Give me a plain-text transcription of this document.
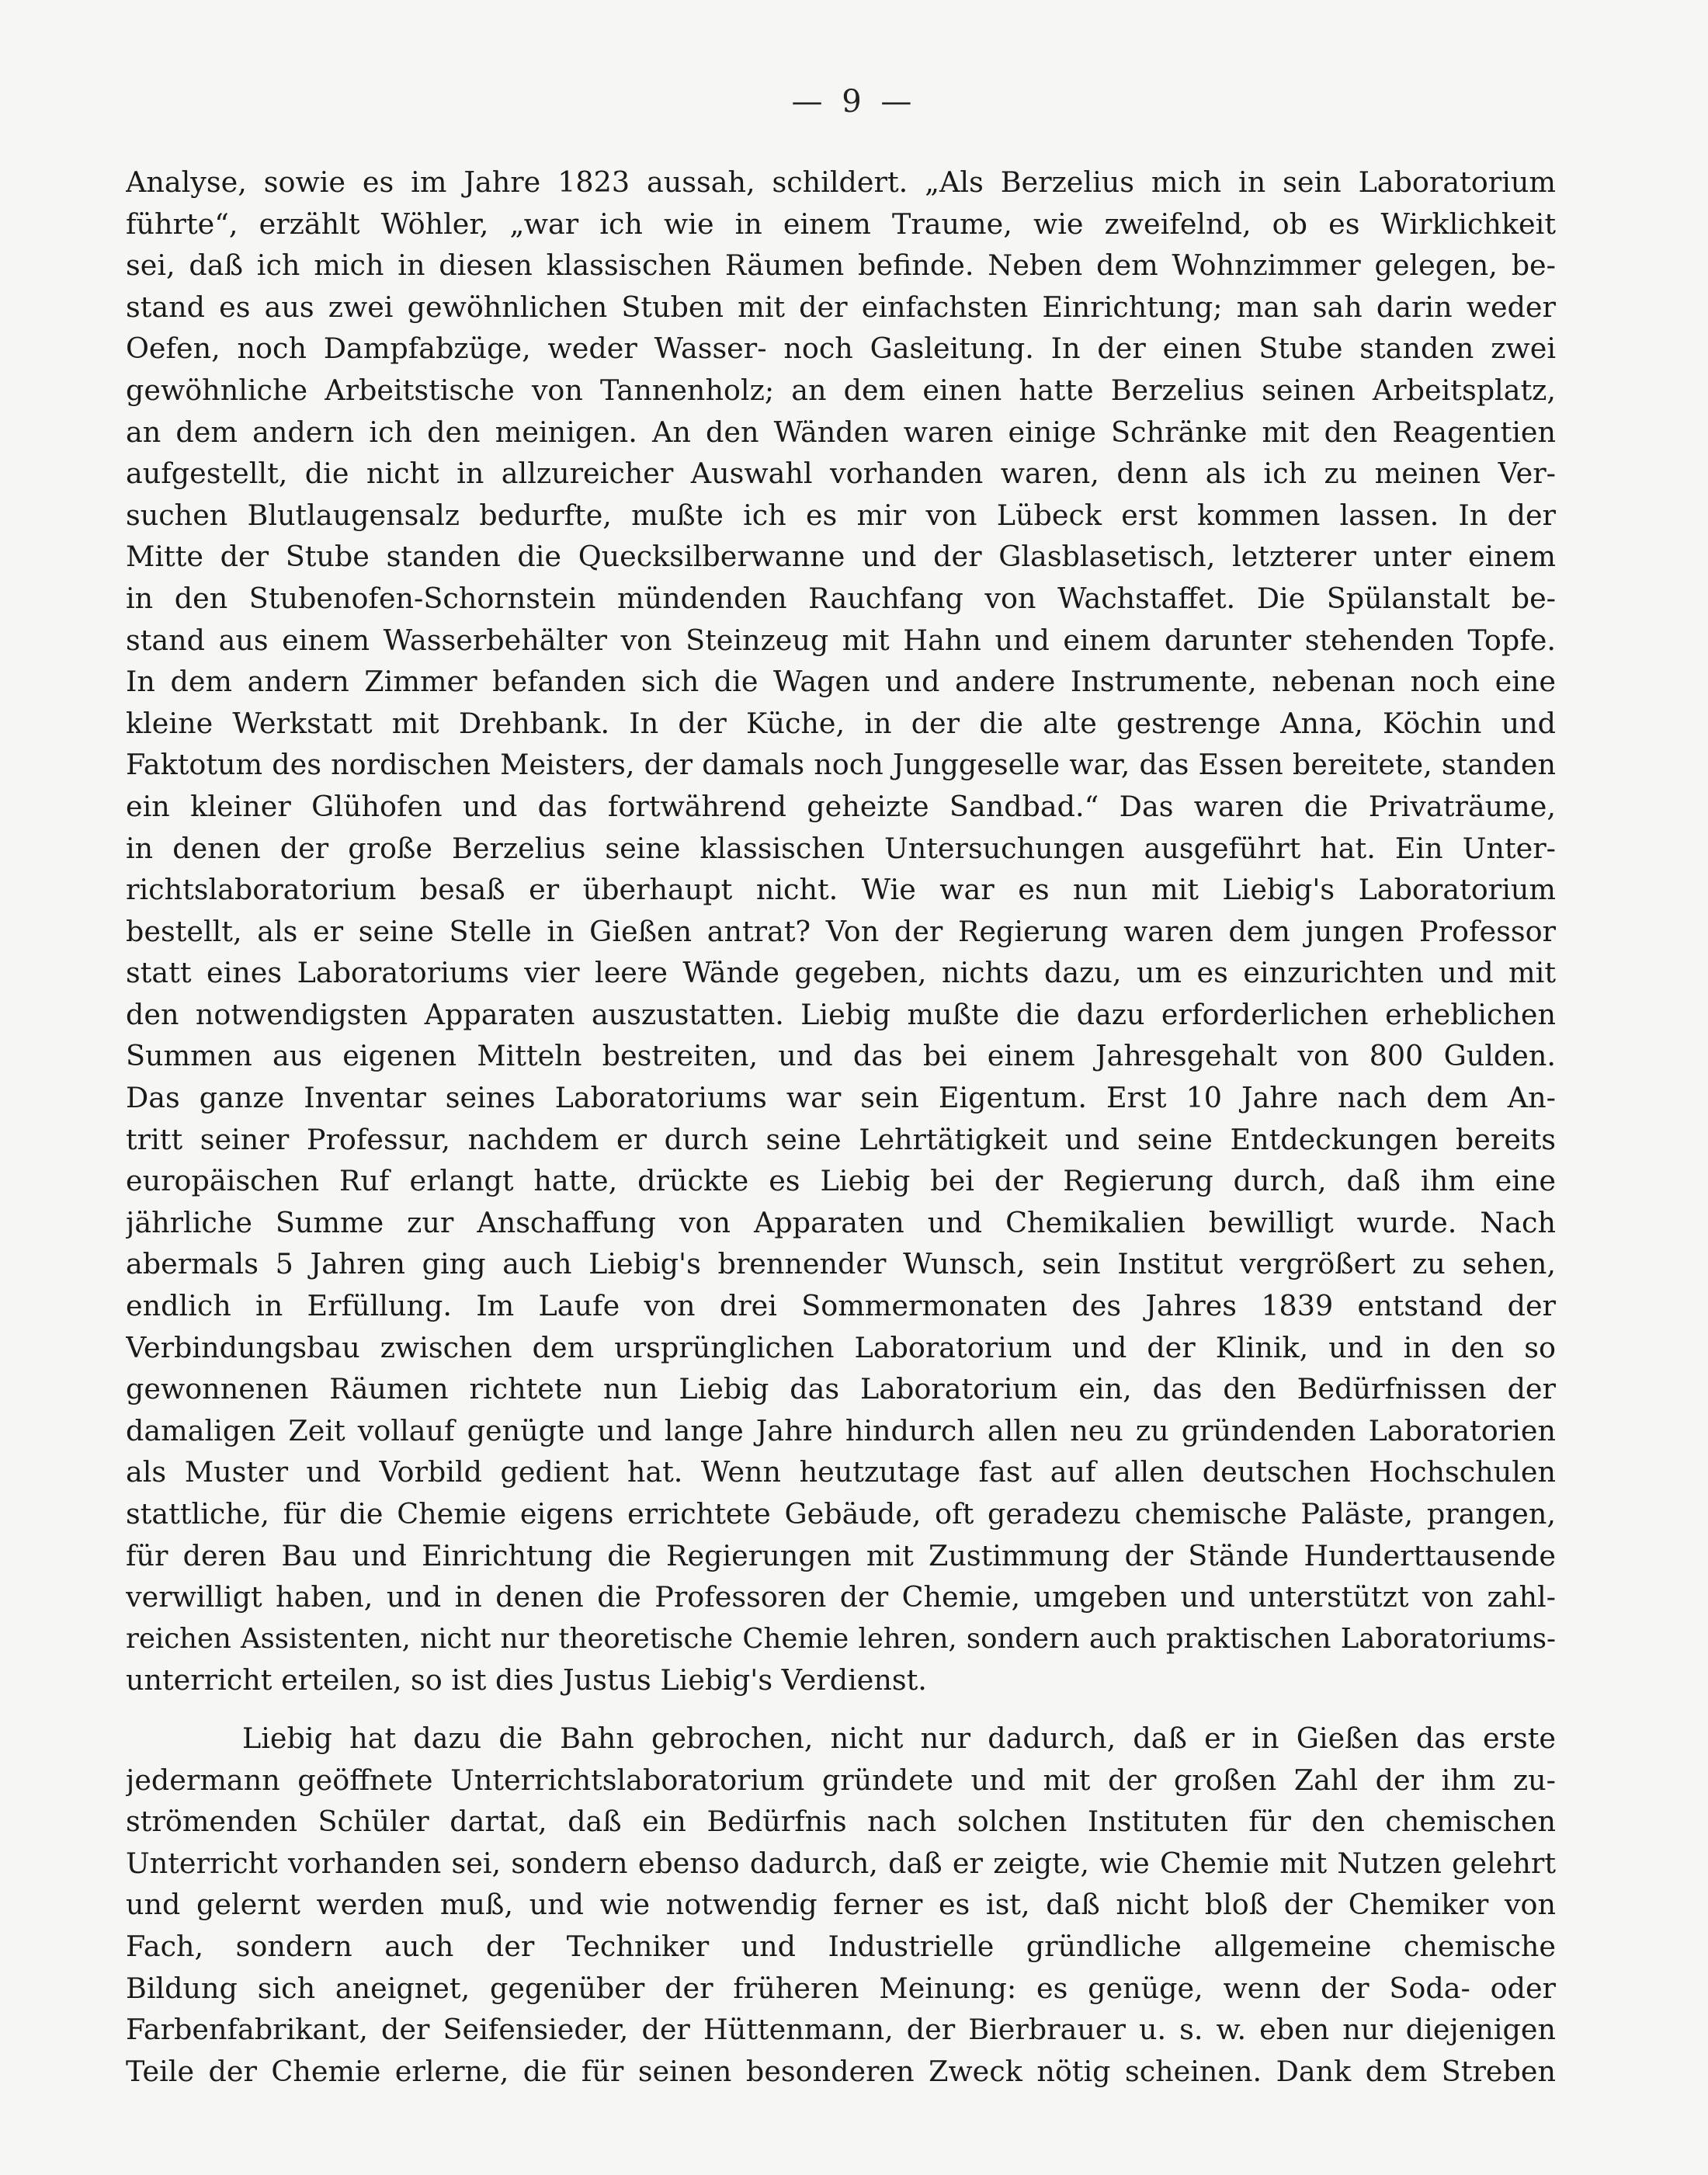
— 9 —
Analyse, sowie es im Jahre 1823 aussah, schildert. „Als Berzelius mich in sein Laboratorium
führte“, erzählt Wöhler, „war ich wie in einem Traume, wie zweifelnd, ob es Wirklichkeit
sei, daß ich mich in diesen klassischen Räumen befinde. Neben dem Wohnzimmer gelegen, be-
stand es aus zwei gewöhnlichen Stuben mit der einfachsten Einrichtung; man sah darin weder
Oefen, noch Dampfabzüge, weder Wasser- noch Gasleitung. In der einen Stube standen zwei
gewöhnliche Arbeitstische von Tannenholz; an dem einen hatte Berzelius seinen Arbeitsplatz,
an dem andern ich den meinigen. An den Wänden waren einige Schränke mit den Reagentien
aufgestellt, die nicht in allzureicher Auswahl vorhanden waren, denn als ich zu meinen Ver-
suchen Blutlaugensalz bedurfte, mußte ich es mir von Lübeck erst kommen lassen. In der
Mitte der Stube standen die Quecksilberwanne und der Glasblasetisch, letzterer unter einem
in den Stubenofen-Schornstein mündenden Rauchfang von Wachstaffet. Die Spülanstalt be-
stand aus einem Wasserbehälter von Steinzeug mit Hahn und einem darunter stehenden Topfe.
In dem andern Zimmer befanden sich die Wagen und andere Instrumente, nebenan noch eine
kleine Werkstatt mit Drehbank. In der Küche, in der die alte gestrenge Anna, Köchin und
Faktotum des nordischen Meisters, der damals noch Junggeselle war, das Essen bereitete, standen
ein kleiner Glühofen und das fortwährend geheizte Sandbad.“ Das waren die Privaträume,
in denen der große Berzelius seine klassischen Untersuchungen ausgeführt hat. Ein Unter-
richtslaboratorium besaß er überhaupt nicht. Wie war es nun mit Liebig's Laboratorium
bestellt, als er seine Stelle in Gießen antrat? Von der Regierung waren dem jungen Professor
statt eines Laboratoriums vier leere Wände gegeben, nichts dazu, um es einzurichten und mit
den notwendigsten Apparaten auszustatten. Liebig mußte die dazu erforderlichen erheblichen
Summen aus eigenen Mitteln bestreiten, und das bei einem Jahresgehalt von 800 Gulden.
Das ganze Inventar seines Laboratoriums war sein Eigentum. Erst 10 Jahre nach dem An-
tritt seiner Professur, nachdem er durch seine Lehrtätigkeit und seine Entdeckungen bereits
europäischen Ruf erlangt hatte, drückte es Liebig bei der Regierung durch, daß ihm eine
jährliche Summe zur Anschaffung von Apparaten und Chemikalien bewilligt wurde. Nach
abermals 5 Jahren ging auch Liebig's brennender Wunsch, sein Institut vergrößert zu sehen,
endlich in Erfüllung. Im Laufe von drei Sommermonaten des Jahres 1839 entstand der
Verbindungsbau zwischen dem ursprünglichen Laboratorium und der Klinik, und in den so
gewonnenen Räumen richtete nun Liebig das Laboratorium ein, das den Bedürfnissen der
damaligen Zeit vollauf genügte und lange Jahre hindurch allen neu zu gründenden Laboratorien
als Muster und Vorbild gedient hat. Wenn heutzutage fast auf allen deutschen Hochschulen
stattliche, für die Chemie eigens errichtete Gebäude, oft geradezu chemische Paläste, prangen,
für deren Bau und Einrichtung die Regierungen mit Zustimmung der Stände Hunderttausende
verwilligt haben, und in denen die Professoren der Chemie, umgeben und unterstützt von zahl-
reichen Assistenten, nicht nur theoretische Chemie lehren, sondern auch praktischen Laboratoriums-
unterricht erteilen, so ist dies Justus Liebig's Verdienst.
Liebig hat dazu die Bahn gebrochen, nicht nur dadurch, daß er in Gießen das erste
jedermann geöffnete Unterrichtslaboratorium gründete und mit der großen Zahl der ihm zu-
strömenden Schüler dartat, daß ein Bedürfnis nach solchen Instituten für den chemischen
Unterricht vorhanden sei, sondern ebenso dadurch, daß er zeigte, wie Chemie mit Nutzen gelehrt
und gelernt werden muß, und wie notwendig ferner es ist, daß nicht bloß der Chemiker von
Fach, sondern auch der Techniker und Industrielle gründliche allgemeine chemische
Bildung sich aneignet, gegenüber der früheren Meinung: es genüge, wenn der Soda- oder
Farbenfabrikant, der Seifensieder, der Hüttenmann, der Bierbrauer u. s. w. eben nur diejenigen
Teile der Chemie erlerne, die für seinen besonderen Zweck nötig scheinen. Dank dem Streben
